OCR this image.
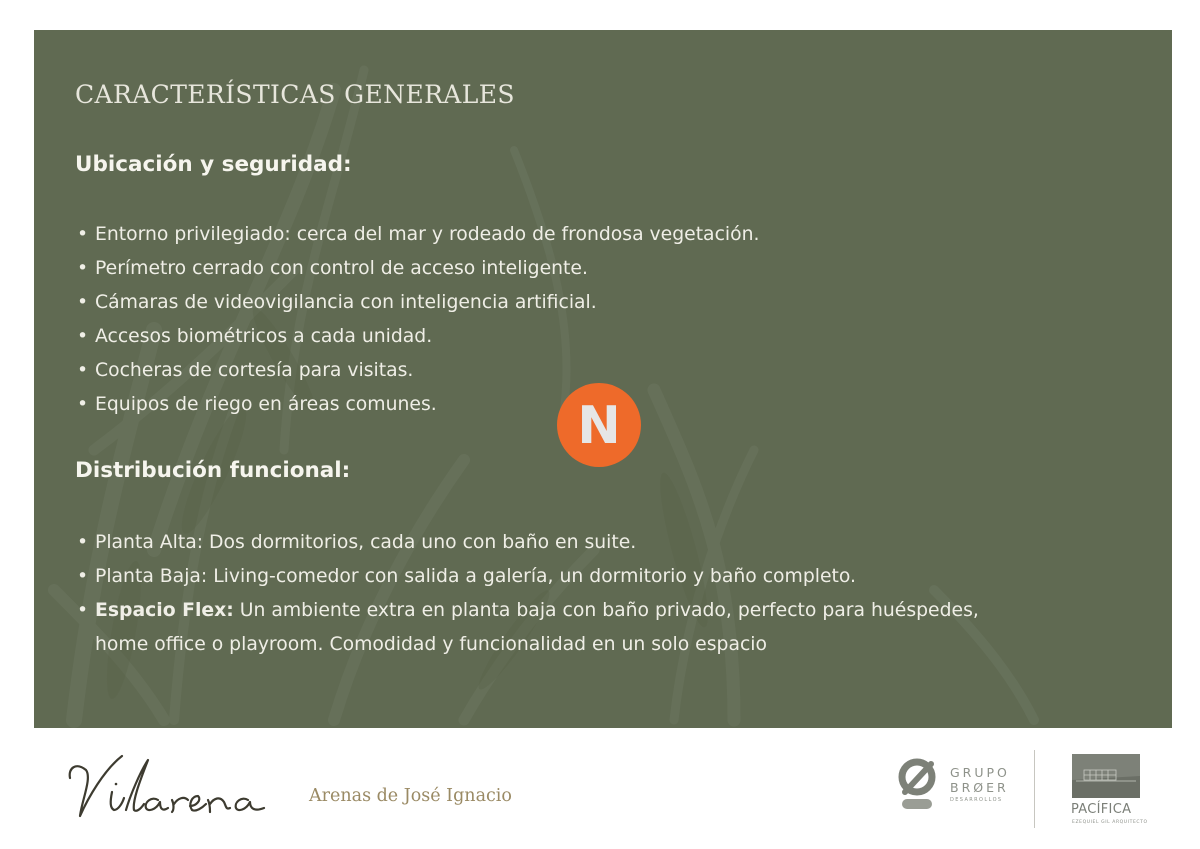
CARACTERÍSTICAS GENERALES
Ubicación y seguridad:
• Entorno privilegiado: cerca del mar y rodeado de frondosa vegetación.
• Perímetro cerrado con control de acceso inteligente.
• Cámaras de videovigilancia con inteligencia artificial.
• Accesos biométricos a cada unidad.
• Cocheras de cortesía para visitas.
• Equipos de riego en áreas comunes.
Distribución funcional:
• Planta Alta: Dos dormitorios, cada uno con baño en suite.
• Planta Baja: Living-comedor con salida a galería, un dormitorio y baño completo.
• Espacio Flex: Un ambiente extra en planta baja con baño privado, perfecto para huéspedes, home office o playroom. Comodidad y funcionalidad en un solo espacio
N
Arenas de José Ignacio
GRUPO
BRØER
DESARROLLOS
PACÍFICA
EZEQUIEL GIL ARQUITECTO
